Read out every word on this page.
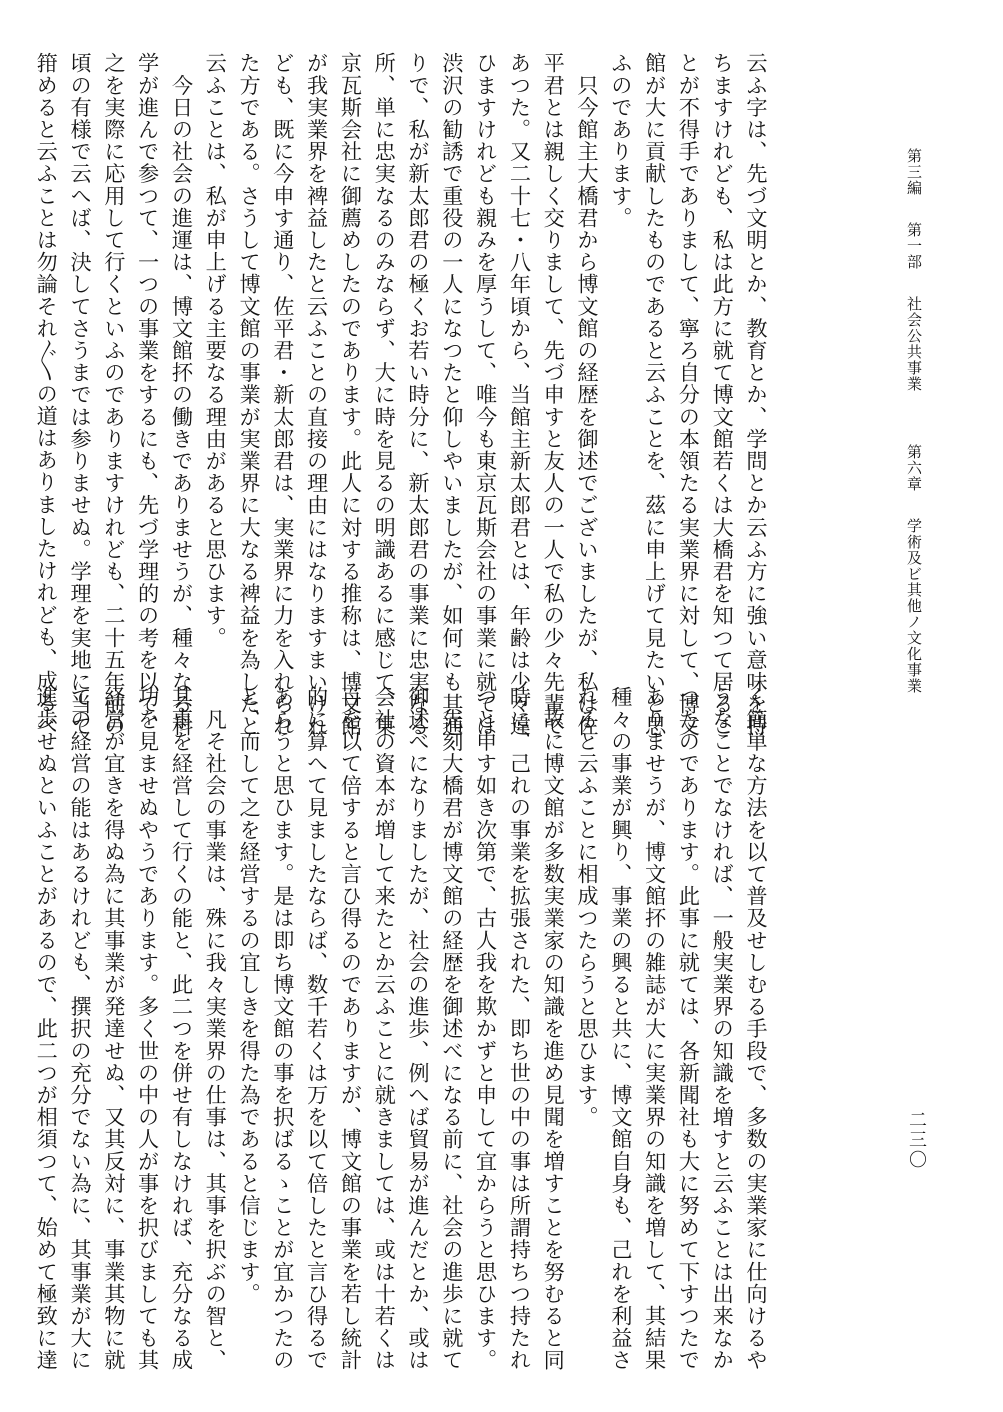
第三編第一部社会公共事業第六章学術及ビ其他ノ文化事業
二三〇
云ふ字は、先づ文明とか、教育とか、学問とか云ふ方に強い意味を持
ちますけれども、私は此方に就て博文館若くは大橋君を知つて居るこ
とが不得手でありまして、寧ろ自分の本領たる実業界に対して、博文
館が大に貢献したものであると云ふことを、茲に申上げて見たいと思
ふのであります。
　只今館主大橋君から博文館の経歴を御述でございましたが、私は佐
平君とは親しく交りまして、先づ申すと友人の一人で私の少々先輩で
あつた。又二十七・八年頃から、当館主新太郎君とは、年齢は少々違
ひますけれども親みを厚うして、唯今も東京瓦斯会社の事業に就ては
渋沢の勧誘で重役の一人になつたと仰しやいましたが、如何にも其通
りで、私が新太郎君の極くお若い時分に、新太郎君の事業に忠実なる
所、単に忠実なるのみならず、大に時を見るの明識あるに感じて、東
京瓦斯会社に御薦めしたのであります。此人に対する推称は、博文館
が我実業界を裨益したと云ふことの直接の理由にはなりますまいけれ
ども、既に今申す通り、佐平君・新太郎君は、実業界に力を入れられ
た方である。さうして博文館の事業が実業界に大なる裨益を為したと
云ふことは、私が申上げる主要なる理由があると思ひます。
　今日の社会の進運は、博文館抔の働きでありませうが、種々なる科
学が進んで参つて、一つの事業をするにも、先づ学理的の考を以て、
之を実際に応用して行くといふのでありますけれども、二十五年前の
頃の有様で云へば、決してさうまでは参りませぬ。学理を実地に当て
箝めると云ふことは勿論それ〴〵の道はありましたけれども、成るべ
く簡単な方法を以て普及せしむる手段で、多数の実業家に仕向けるや
うなことでなければ、一般実業界の知識を増すと云ふことは出来なか
つたのであります。此事に就ては、各新聞社も大に努めて下すつたで
ありませうが、博文館抔の雑誌が大に実業界の知識を増して、其結果
種々の事業が興り、事業の興ると共に、博文館自身も、己れを利益さ
れると云ふことに相成つたらうと思ひます。
　故に博文館が多数実業家の知識を進め見聞を増すことを努むると同
時に、己れの事業を拡張された、即ち世の中の事は所謂持ちつ持たれ
つと申す如き次第で、古人我を欺かずと申して宜からうと思ひます。
　先刻大橋君が博文館の経歴を御述べになる前に、社会の進歩に就て
御述べになりましたが、社会の進歩、例へば貿易が進んだとか、或は
会社の資本が増して来たとか云ふことに就きましては、或は十若くは
百を以て倍すると言ひ得るのでありますが、博文館の事業を若し統計
的に算へて見ましたならば、数千若くは万を以て倍したと言ひ得るで
あらうと思ひます。是は即ち博文館の事を択ばるゝことが宜かつたの
と、而して之を経営するの宜しきを得た為であると信じます。
　凡そ社会の事業は、殊に我々実業界の仕事は、其事を択ぶの智と、
其事を経営して行くの能と、此二つを併せ有しなければ、充分なる成
功を見ませぬやうであります。多く世の中の人が事を択びましても其
経営が宜きを得ぬ為に其事業が発達せぬ、又其反対に、事業其物に就
ての経営の能はあるけれども、撰択の充分でない為に、其事業が大に
進歩せぬといふことがあるので、此二つが相須つて、始めて極致に達
